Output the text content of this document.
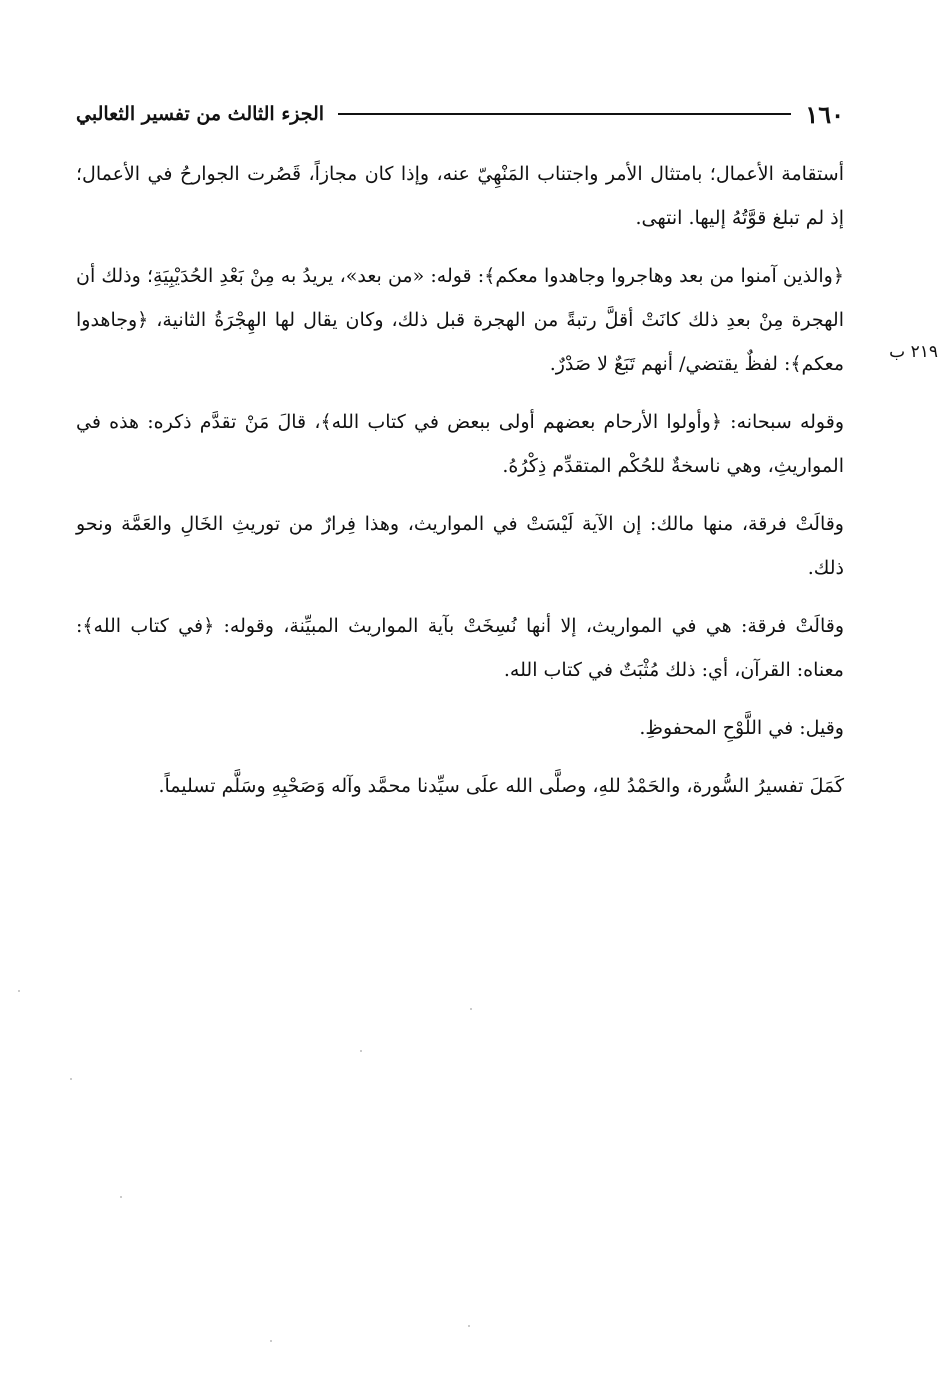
١٦٠
الجزء الثالث من تفسير الثعالبي
٢١٩ ب

أستقامة الأعمال؛ بامتثال الأمر واجتناب المَنْهِيّ عنه، وإذا كان مجازاً، قَصُرت الجوارحُ في الأعمال؛ إذ لم تبلغ قوَّتُهُ إليها. انتهى.

﴿والذين آمنوا من بعد وهاجروا وجاهدوا معكم﴾: قوله: «من بعد»، يريدُ به مِنْ بَعْدِ الحُدَيْبِيَةِ؛ وذلك أن الهجرة مِنْ بعدِ ذلك كانَتْ أقلَّ رتبةً من الهجرة قبل ذلك، وكان يقال لها الهِجْرَةُ الثانية، ﴿وجاهدوا معكم﴾: لفظٌ يقتضي/ أنهم تَبَعٌ لا صَدْرٌ.

وقوله سبحانه: ﴿وأولوا الأرحام بعضهم أولى ببعض في كتاب الله﴾، قالَ مَنْ تقدَّم ذكره: هذه في المواريثِ، وهي ناسخةٌ للحُكْم المتقدِّم ذِكْرُهُ.

وقالَتْ فرقة، منها مالك: إن الآية لَيْسَتْ في المواريث، وهذا فِرارٌ من توريثِ الخَالِ والعَمَّة ونحو ذلك.

وقالَتْ فرقة: هي في المواريث، إلا أنها نُسِخَتْ بآية المواريث المبيِّنة، وقوله: ﴿في كتاب الله﴾: معناه: القرآن، أي: ذلك مُثْبَتٌ في كتاب الله.

وقيل: في اللَّوْحِ المحفوظِ.

كَمَلَ تفسيرُ السُّورة، والحَمْدُ للهِ، وصلَّى الله علَى سيِّدنا محمَّد وآله وَصَحْبِهِ وسَلَّم تسليماً.
